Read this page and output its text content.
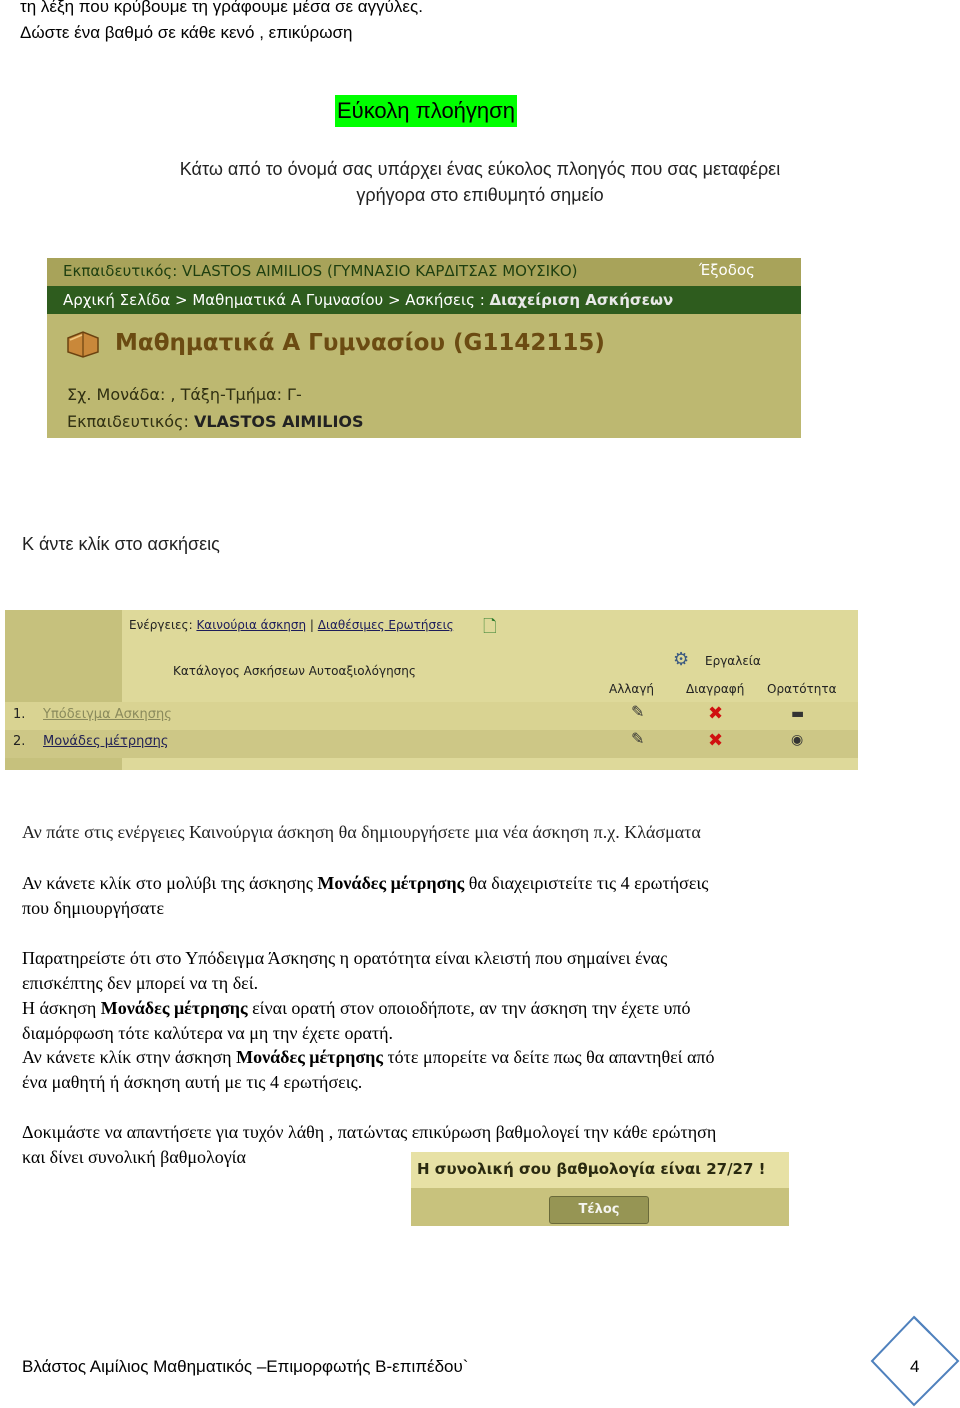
τη λέξη που κρύβουμε τη γράφουμε μέσα σε αγγύλες.
Δώστε ένα βαθμό σε κάθε κενό , επικύρωση
Εύκολη πλοήγηση
Κάτω από το όνομά σας υπάρχει ένας εύκολος πλοηγός που σας μεταφέρει
γρήγορα στο επιθυμητό σημείο
Εκπαιδευτικός: VLASTOS AIMILIOS (ΓΥΜΝΑΣΙΟ ΚΑΡΔΙΤΣΑΣ ΜΟΥΣΙΚΟ)	Έξοδος
Αρχική Σελίδα > Μαθηματικά Α Γυμνασίου > Ασκήσεις : Διαχείριση Ασκήσεων
Μαθηματικά Α Γυμνασίου (G1142115)
Σχ. Μονάδα: , Τάξη-Τμήμα: Γ-
Εκπαιδευτικός: VLASTOS AIMILIOS
Κ άντε κλίκ στο ασκήσεις
Ενέργειες: Καινούρια άσκηση | Διαθέσιμες Ερωτήσεις 🗋
Κατάλογος Ασκήσεων Αυτοαξιολόγησης
⚙ Εργαλεία
Αλλαγή	Διαγραφή Ορατότητα
1. Υπόδειγμα Ασκησης	✎	✖	▬
2. Μονάδες μέτρησης	✎	✖	◉
Αν πάτε στις ενέργειες Καινούργια άσκηση θα δημιουργήσετε μια νέα άσκηση π.χ. Κλάσματα
Αν κάνετε κλίκ στο μολύβι της άσκησης Μονάδες μέτρησης θα διαχειριστείτε τις 4 ερωτήσεις
που δημιουργήσατε
Παρατηρείστε ότι στο Υπόδειγμα Άσκησης η ορατότητα είναι κλειστή που σημαίνει ένας
επισκέπτης δεν μπορεί να τη δεί.
Η άσκηση Μονάδες μέτρησης είναι ορατή στον οποιοδήποτε, αν την άσκηση την έχετε υπό
διαμόρφωση τότε καλύτερα να μη την έχετε ορατή.
Αν κάνετε κλίκ στην άσκηση Μονάδες μέτρησης τότε μπορείτε να δείτε πως θα απαντηθεί από
ένα μαθητή ή άσκηση αυτή με τις 4 ερωτήσεις.
Δοκιμάστε να απαντήσετε για τυχόν λάθη , πατώντας επικύρωση βαθμολογεί την κάθε ερώτηση
και δίνει συνολική βαθμολογία
Η συνολική σου βαθμολογία είναι 27/27 !
Τέλος
Βλάστος Αιμίλιος Μαθηματικός –Επιμορφωτής Β-επιπέδου`	4
